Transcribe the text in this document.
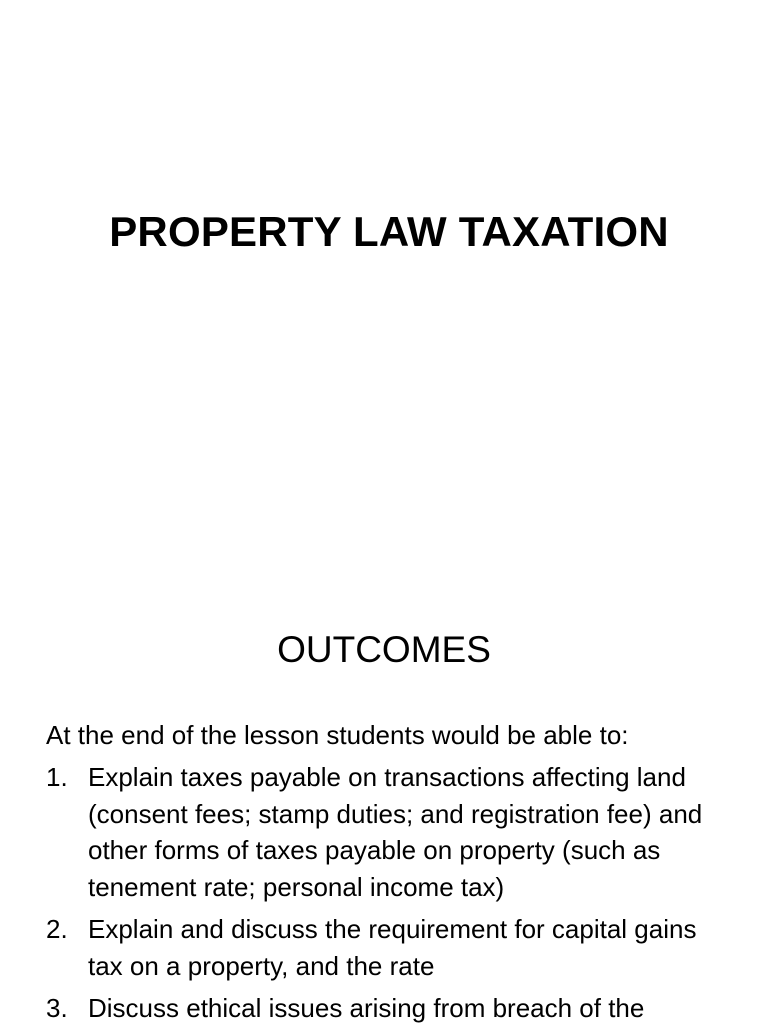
PROPERTY LAW TAXATION
OUTCOMES

At the end of the lesson students would be able to:

1. Explain taxes payable on transactions affecting land (consent fees; stamp duties; and registration fee) and other forms of taxes payable on property (such as tenement rate; personal income tax)
2. Explain and discuss the requirement for capital gains tax on a property, and the rate
3. Discuss ethical issues arising from breach of the
